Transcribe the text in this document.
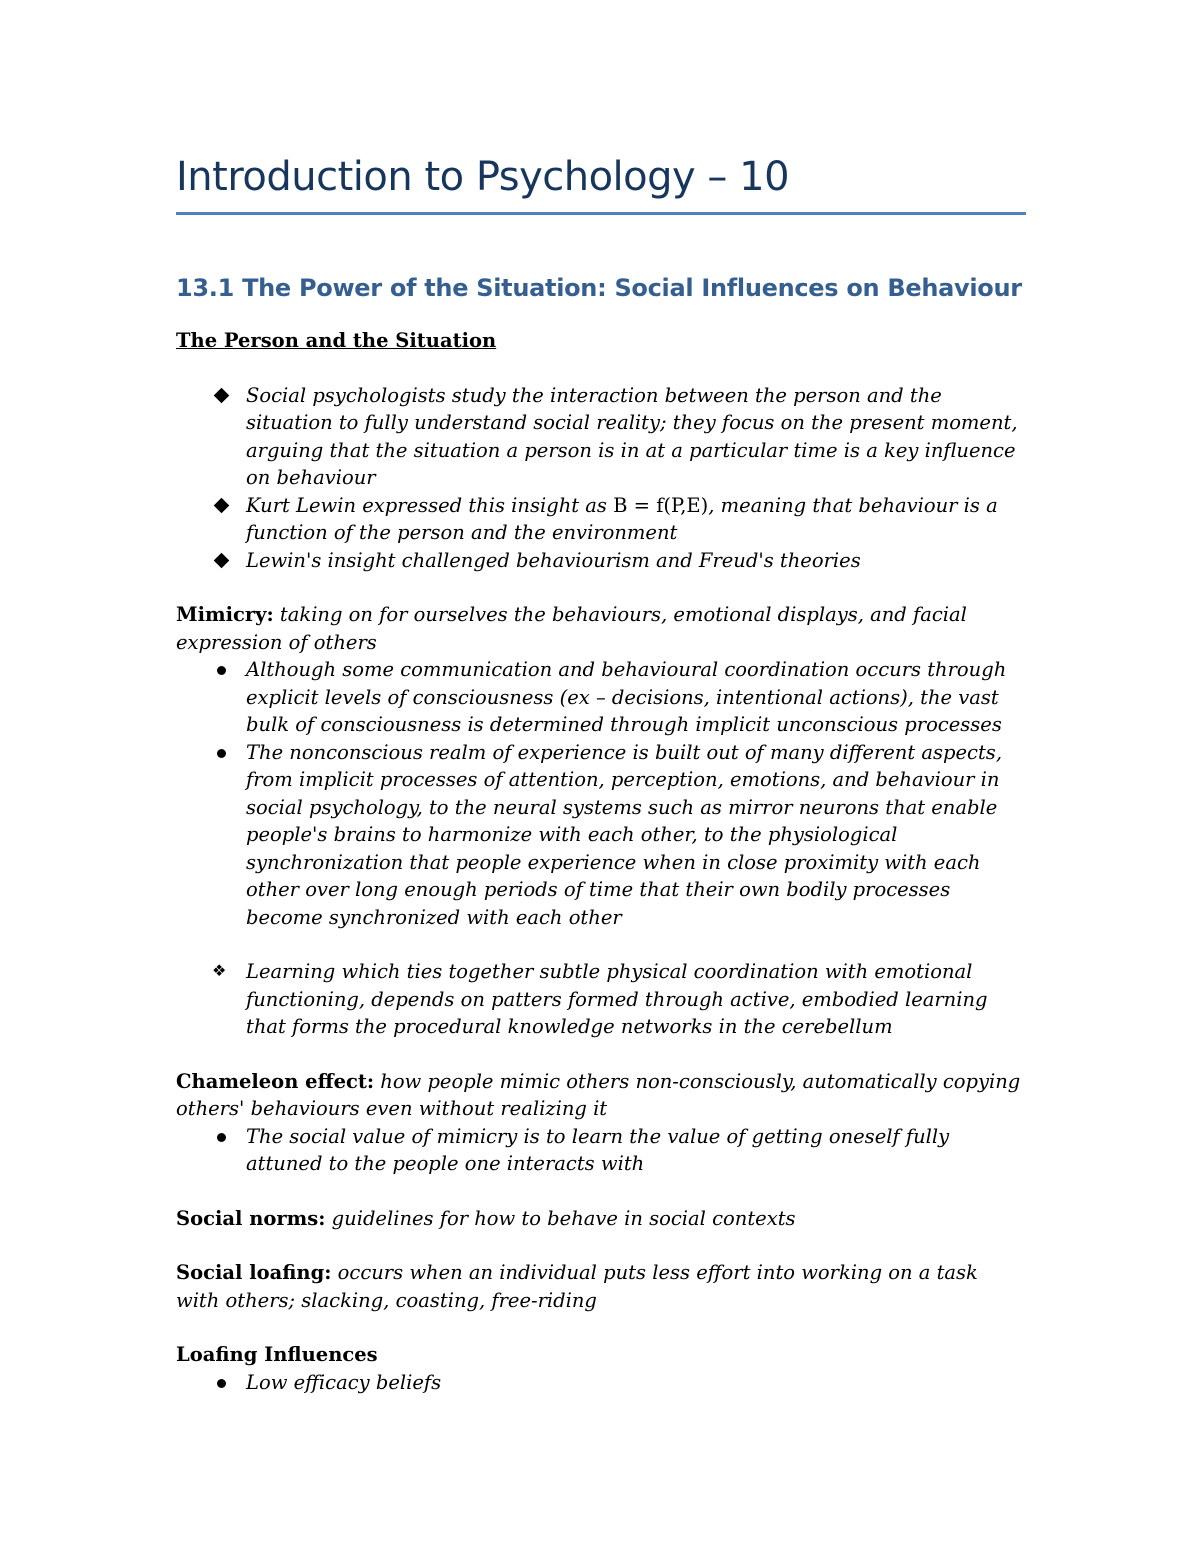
Introduction to Psychology – 10
13.1 The Power of the Situation: Social Influences on Behaviour
The Person and the Situation
Social psychologists study the interaction between the person and the situation to fully understand social reality; they focus on the present moment, arguing that the situation a person is in at a particular time is a key influence on behaviour
Kurt Lewin expressed this insight as B = f(P,E), meaning that behaviour is a function of the person and the environment
Lewin's insight challenged behaviourism and Freud's theories
Mimicry: taking on for ourselves the behaviours, emotional displays, and facial expression of others
Although some communication and behavioural coordination occurs through explicit levels of consciousness (ex – decisions, intentional actions), the vast bulk of consciousness is determined through implicit unconscious processes
The nonconscious realm of experience is built out of many different aspects, from implicit processes of attention, perception, emotions, and behaviour in social psychology, to the neural systems such as mirror neurons that enable people's brains to harmonize with each other, to the physiological synchronization that people experience when in close proximity with each other over long enough periods of time that their own bodily processes become synchronized with each other
❖ Learning which ties together subtle physical coordination with emotional functioning, depends on patters formed through active, embodied learning that forms the procedural knowledge networks in the cerebellum
Chameleon effect: how people mimic others non-consciously, automatically copying others' behaviours even without realizing it
The social value of mimicry is to learn the value of getting oneself fully attuned to the people one interacts with
Social norms: guidelines for how to behave in social contexts
Social loafing: occurs when an individual puts less effort into working on a task with others; slacking, coasting, free-riding
Loafing Influences
Low efficacy beliefs
